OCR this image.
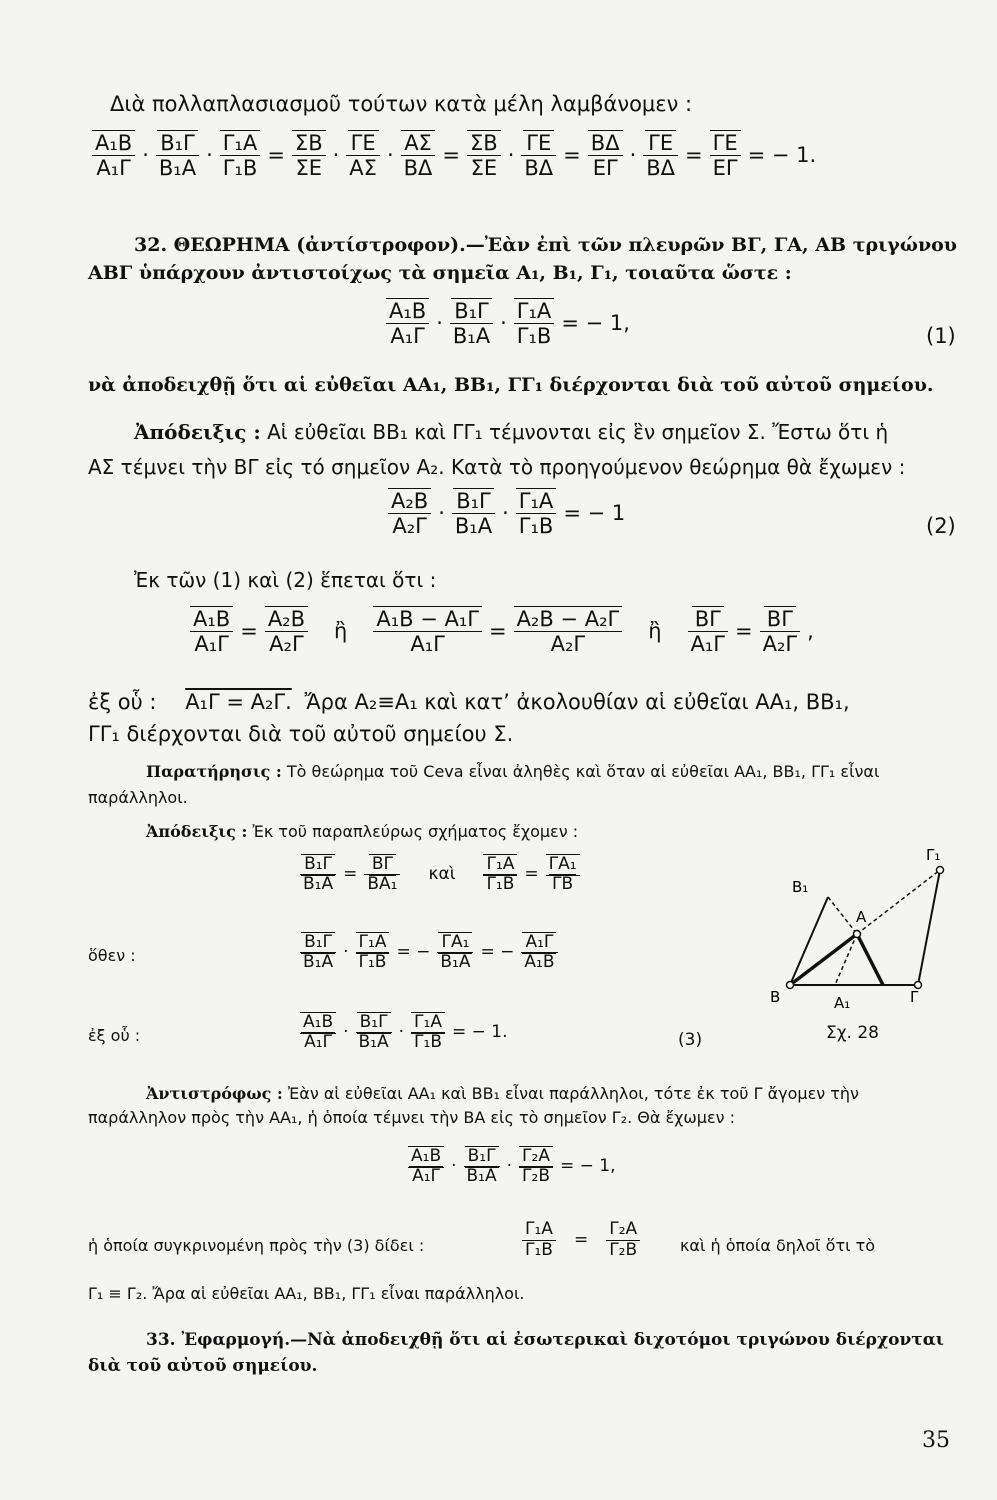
Διὰ πολλαπλασιασμοῦ τούτων κατὰ μέλη λαμβάνομεν :
$\frac{\text{Α₁Β}}{\text{Α₁Γ}} \cdot \frac{\text{Β₁Γ}}{\text{Β₁Α}} \cdot \frac{\text{Γ₁Α}}{\text{Γ₁Β}} = \frac{\Sigma B}{\Sigma E} \cdot \frac{\Gamma E}{A\Sigma} \cdot \frac{A\Sigma}{B\Delta} = \frac{\Sigma B}{\Sigma E} \cdot \frac{\Gamma E}{B\Delta} = \frac{B\Delta}{E\Gamma} \cdot \frac{\Gamma E}{B\Delta} = \frac{\Gamma E}{E\Gamma}$ = − 1.
32. ΘΕΩΡΗΜΑ (ἀντίστροφον).—Ἐὰν ἐπὶ τῶν πλευρῶν ΒΓ, ΓΑ, ΑΒ τριγώνου
ΑΒΓ ὑπάρχουν ἀντιστοίχως τὰ σημεῖα Α₁, Β₁, Γ₁, τοιαῦτα ὥστε :
$\frac{\text{Α₁Β}}{\text{Α₁Γ}} \cdot \frac{\text{Β₁Γ}}{\text{Β₁Α}} \cdot \frac{\text{Γ₁Α}}{\text{Γ₁Β}}$ = − 1,
(1)
νὰ ἀποδειχθῇ ὅτι αἱ εὐθεῖαι ΑΑ₁, ΒΒ₁, ΓΓ₁ διέρχονται διὰ τοῦ αὐτοῦ σημείου.
Ἀπόδειξις : Αἱ εὐθεῖαι ΒΒ₁ καὶ ΓΓ₁ τέμνονται εἰς ἓν σημεῖον Σ. Ἔστω ὅτι ἡ
ΑΣ τέμνει τὴν ΒΓ εἰς τό σημεῖον Α₂. Κατὰ τὸ προηγούμενον θεώρημα θὰ ἔχωμεν :
$\frac{\text{Α₂Β}}{\text{Α₂Γ}} \cdot \frac{\text{Β₁Γ}}{\text{Β₁Α}} \cdot \frac{\text{Γ₁Α}}{\text{Γ₁Β}}$ = − 1
(2)
Ἐκ τῶν (1) καὶ (2) ἕπεται ὅτι :
$\frac{\text{Α₁Β}}{\text{Α₁Γ}} = \frac{\text{Α₂Β}}{\text{Α₂Γ}}$ ἢ $\frac{\text{Α₁Β − Α₁Γ}}{\text{Α₁Γ}} = \frac{\text{Α₂Β − Α₂Γ}}{\text{Α₂Γ}}$ ἢ $\frac{B\Gamma}{\text{Α₁Γ}} = \frac{B\Gamma}{\text{Α₂Γ}}$ ,
ἐξ οὗ : Α₁Γ = Α₂Γ. Ἄρα Α₂≡Α₁ καὶ κατ’ ἀκολουθίαν αἱ εὐθεῖαι ΑΑ₁, ΒΒ₁,
ΓΓ₁ διέρχονται διὰ τοῦ αὐτοῦ σημείου Σ.
Παρατήρησις : Τὸ θεώρημα τοῦ Ceva εἶναι ἀληθὲς καὶ ὅταν αἱ εὐθεῖαι ΑΑ₁, ΒΒ₁, ΓΓ₁ εἶναι
παράλληλοι.
Ἀπόδειξις : Ἐκ τοῦ παραπλεύρως σχήματος ἔχομεν :
$\frac{\text{Β₁Γ}}{\text{Β₁Α}} = \frac{B\Gamma}{\text{ΒΑ₁}}$ καὶ $\frac{\text{Γ₁Α}}{\text{Γ₁Β}} = \frac{\text{ΓΑ₁}}{\Gamma B}$
ὅθεν :	$\frac{\text{Β₁Γ}}{\text{Β₁Α}} \cdot \frac{\text{Γ₁Α}}{\text{Γ₁Β}}$ = − $\frac{\text{ΓΑ₁}}{\text{Β₁Α}}$ = − $\frac{\text{Α₁Γ}}{\text{Α₁Β}}$
ἐξ οὗ :	$\frac{\text{Α₁Β}}{\text{Α₁Γ}} \cdot \frac{\text{Β₁Γ}}{\text{Β₁Α}} \cdot \frac{\text{Γ₁Α}}{\text{Γ₁Β}}$ = − 1.	(3)
Β₁
Α
Γ₁
Β	Α₁	Γ
Σχ. 28
Ἀντιστρόφως : Ἐὰν αἱ εὐθεῖαι ΑΑ₁ καὶ ΒΒ₁ εἶναι παράλληλοι, τότε ἐκ τοῦ Γ ἄγομεν τὴν
παράλληλον πρὸς τὴν ΑΑ₁, ἡ ὁποία τέμνει τὴν ΒΑ εἰς τὸ σημεῖον Γ₂. Θὰ ἔχωμεν :
$\frac{\text{Α₁Β}}{\text{Α₁Γ}} \cdot \frac{\text{Β₁Γ}}{\text{Β₁Α}} \cdot \frac{\text{Γ₂Α}}{\text{Γ₂Β}}$ = − 1,
ἡ ὁποία συγκρινομένη πρὸς τὴν (3) δίδει :	$\frac{\text{Γ₁Α}}{\text{Γ₁Β}} = \frac{\text{Γ₂Α}}{\text{Γ₂Β}}$ καὶ ἡ ὁποία δηλοῖ ὅτι τὸ
Γ₁ ≡ Γ₂. Ἄρα αἱ εὐθεῖαι ΑΑ₁, ΒΒ₁, ΓΓ₁ εἶναι παράλληλοι.
33. Ἐφαρμογή.—Νὰ ἀποδειχθῇ ὅτι αἱ ἐσωτερικαὶ διχοτόμοι τριγώνου διέρχονται
διὰ τοῦ αὐτοῦ σημείου.
35
